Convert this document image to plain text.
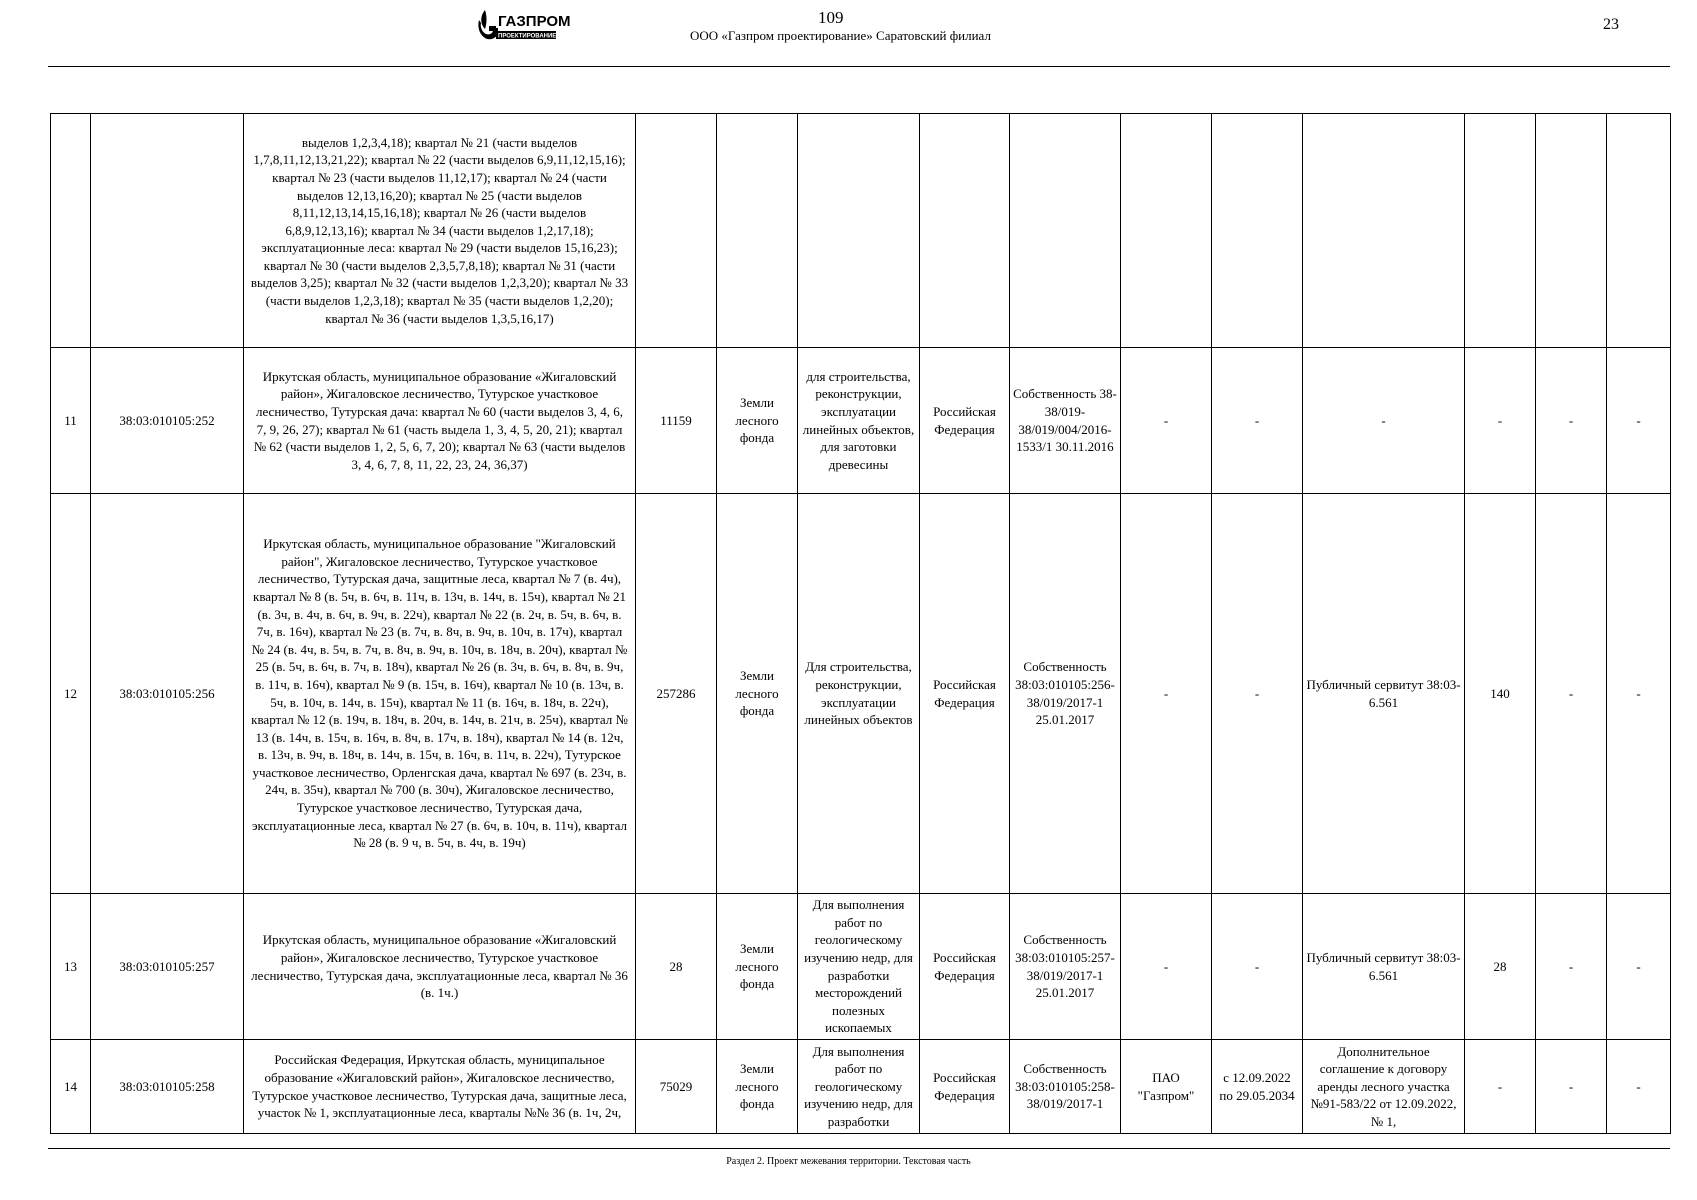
ГАЗПРОМ
ПРОЕКТИРОВАНИЕ
109
ООО «Газпром проектирование» Саратовский филиал
23
		выделов 1,2,3,4,18); квартал № 21 (части выделов 1,7,8,11,12,13,21,22); квартал № 22 (части выделов 6,9,11,12,15,16); квартал № 23 (части выделов 11,12,17); квартал № 24 (части выделов 12,13,16,20); квартал № 25 (части выделов 8,11,12,13,14,15,16,18); квартал № 26 (части выделов 6,8,9,12,13,16); квартал № 34 (части выделов 1,2,17,18); эксплуатационные леса: квартал № 29 (части выделов 15,16,23); квартал № 30 (части выделов 2,3,5,7,8,18); квартал № 31 (части выделов 3,25); квартал № 32 (части выделов 1,2,3,20); квартал № 33 (части выделов 1,2,3,18); квартал № 35 (части выделов 1,2,20); квартал № 36 (части выделов 1,3,5,16,17)											
11	38:03:010105:252	Иркутская область, муниципальное образование «Жигаловский район», Жигаловское лесничество, Тутурское участковое лесничество, Тутурская дача: квартал № 60 (части выделов 3, 4, 6, 7, 9, 26, 27); квартал № 61 (часть выдела 1, 3, 4, 5, 20, 21); квартал № 62 (части выделов 1, 2, 5, 6, 7, 20); квартал № 63 (части выделов 3, 4, 6, 7, 8, 11, 22, 23, 24, 36,37)	11159	Земли лесного фонда	для строительства, реконструкции, эксплуатации линейных объектов, для заготовки древесины	Российская Федерация	Собственность 38-38/019-38/019/004/2016-1533/1 30.11.2016	-	-	-	-	-	-
12	38:03:010105:256	Иркутская область, муниципальное образование "Жигаловский район", Жигаловское лесничество, Тутурское участковое лесничество, Тутурская дача, защитные леса, квартал № 7 (в. 4ч), квартал № 8 (в. 5ч, в. 6ч, в. 11ч, в. 13ч, в. 14ч, в. 15ч), квартал № 21 (в. 3ч, в. 4ч, в. 6ч, в. 9ч, в. 22ч), квартал № 22 (в. 2ч, в. 5ч, в. 6ч, в. 7ч, в. 16ч), квартал № 23 (в. 7ч, в. 8ч, в. 9ч, в. 10ч, в. 17ч), квартал № 24 (в. 4ч, в. 5ч, в. 7ч, в. 8ч, в. 9ч, в. 10ч, в. 18ч, в. 20ч), квартал № 25 (в. 5ч, в. 6ч, в. 7ч, в. 18ч), квартал № 26 (в. 3ч, в. 6ч, в. 8ч, в. 9ч, в. 11ч, в. 16ч), квартал № 9 (в. 15ч, в. 16ч), квартал № 10 (в. 13ч, в. 5ч, в. 10ч, в. 14ч, в. 15ч), квартал № 11 (в. 16ч, в. 18ч, в. 22ч), квартал № 12 (в. 19ч, в. 18ч, в. 20ч, в. 14ч, в. 21ч, в. 25ч), квартал № 13 (в. 14ч, в. 15ч, в. 16ч, в. 8ч, в. 17ч, в. 18ч), квартал № 14 (в. 12ч, в. 13ч, в. 9ч, в. 18ч, в. 14ч, в. 15ч, в. 16ч, в. 11ч, в. 22ч), Тутурское участковое лесничество, Орленгская дача, квартал № 697 (в. 23ч, в. 24ч, в. 35ч), квартал № 700 (в. 30ч), Жигаловское лесничество, Тутурское участковое лесничество, Тутурская дача, эксплуатационные леса, квартал № 27 (в. 6ч, в. 10ч, в. 11ч), квартал № 28 (в. 9 ч, в. 5ч, в. 4ч, в. 19ч)	257286	Земли лесного фонда	Для строительства, реконструкции, эксплуатации линейных объектов	Российская Федерация	Собственность 38:03:010105:256-38/019/2017-1 25.01.2017	-	-	Публичный сервитут 38:03-6.561	140	-	-
13	38:03:010105:257	Иркутская область, муниципальное образование «Жигаловский район», Жигаловское лесничество, Тутурское участковое лесничество, Тутурская дача, эксплуатационные леса, квартал № 36 (в. 1ч.)	28	Земли лесного фонда	Для выполнения работ по геологическому изучению недр, для разработки месторождений полезных ископаемых	Российская Федерация	Собственность 38:03:010105:257-38/019/2017-1 25.01.2017	-	-	Публичный сервитут 38:03-6.561	28	-	-
14	38:03:010105:258	Российская Федерация, Иркутская область, муниципальное образование «Жигаловский район», Жигаловское лесничество, Тутурское участковое лесничество, Тутурская дача, защитные леса, участок № 1, эксплуатационные леса, кварталы №№ 36 (в. 1ч, 2ч,	75029	Земли лесного фонда	Для выполнения работ по геологическому изучению недр, для разработки	Российская Федерация	Собственность 38:03:010105:258-38/019/2017-1	ПАО "Газпром"	с 12.09.2022 по 29.05.2034	Дополнительное соглашение к договору аренды лесного участка №91-583/22 от 12.09.2022, № 1,	-	-	-
Раздел 2. Проект межевания территории. Текстовая часть
